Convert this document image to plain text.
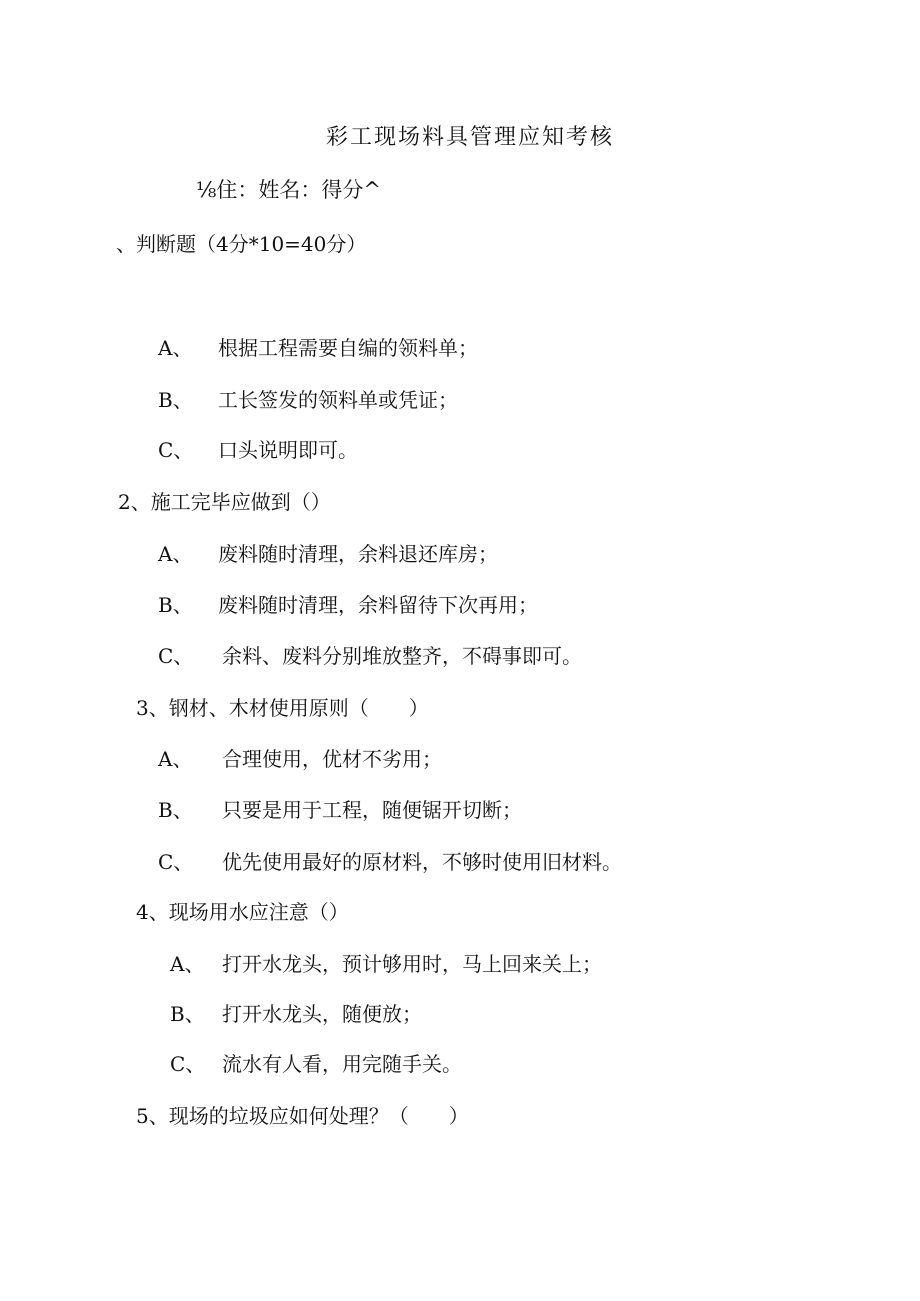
彩工现场料具管理应知考核
⅛住：姓名：得分^
、判断题（4分*10=40分）
A、 根据工程需要自编的领料单；
B、 工长签发的领料单或凭证；
C、 口头说明即可。
2、施工完毕应做到（）
A、 废料随时清理，余料退还库房；
B、 废料随时清理，余料留待下次再用；
C、 余料、废料分别堆放整齐，不碍事即可。
3、钢材、木材使用原则（　　）
A、 合理使用，优材不劣用；
B、 只要是用于工程，随便锯开切断；
C、 优先使用最好的原材料，不够时使用旧材料。
4、现场用水应注意（）
A、 打开水龙头，预计够用时，马上回来关上；
B、 打开水龙头，随便放；
C、 流水有人看，用完随手关。
5、现场的垃圾应如何处理？（　　）
